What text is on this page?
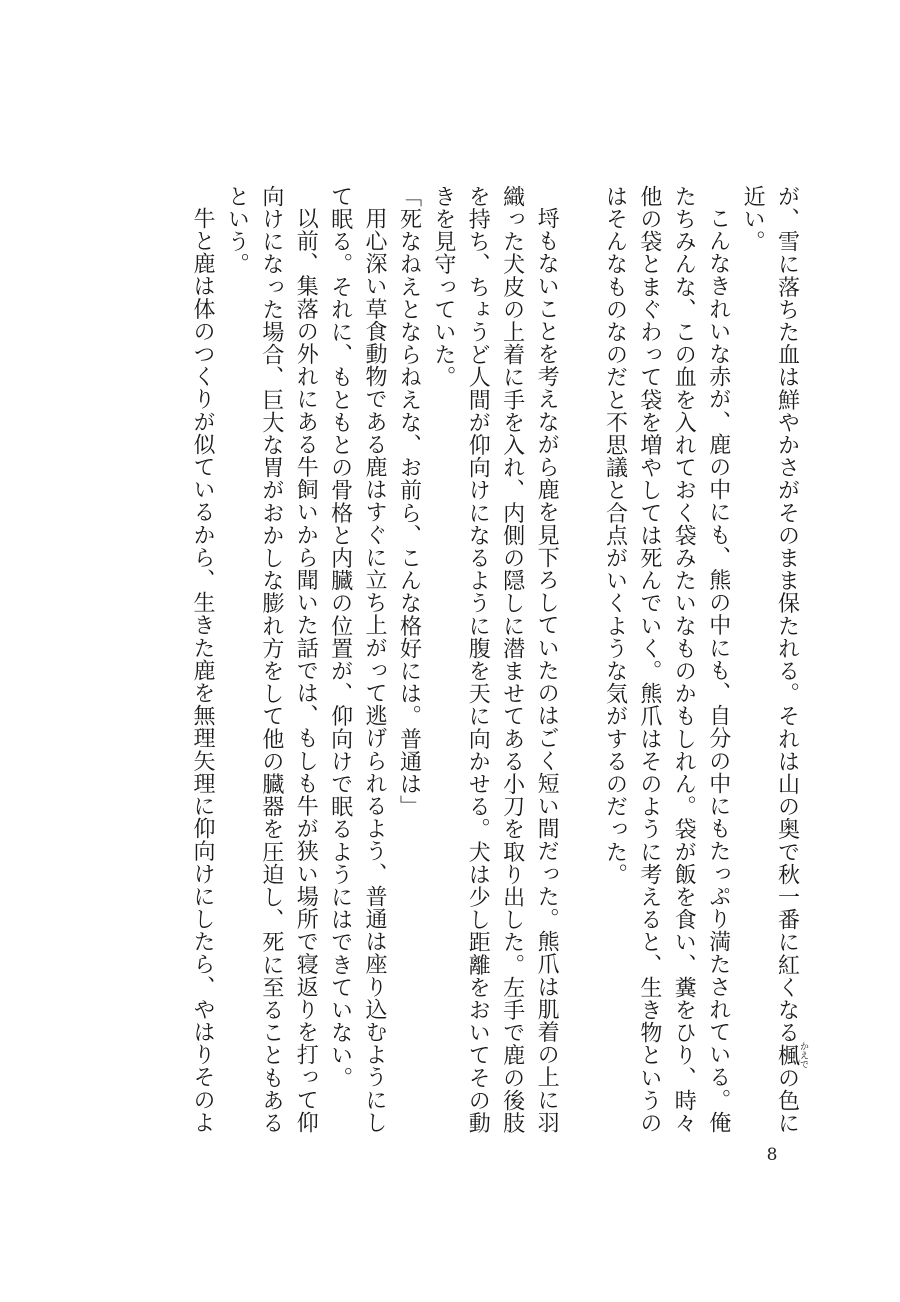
が、雪に落ちた血は鮮やかさがそのまま保たれる。それは山の奥で秋一番に紅くなる楓かえでの色に
近い。
こんなきれいな赤が、鹿の中にも、熊の中にも、自分の中にもたっぷり満たされている。俺
たちみんな、この血を入れておく袋みたいなものかもしれん。袋が飯を食い、糞をひり、時々
他の袋とまぐわって袋を増やしては死んでいく。熊爪はそのように考えると、生き物というの
はそんなものなのだと不思議と合点がいくような気がするのだった。
埒もないことを考えながら鹿を見下ろしていたのはごく短い間だった。熊爪は肌着の上に羽
織った犬皮の上着に手を入れ、内側の隠しに潜ませてある小刀を取り出した。左手で鹿の後肢
を持ち、ちょうど人間が仰向けになるように腹を天に向かせる。犬は少し距離をおいてその動
きを見守っていた。
「死なねえとならねえな、お前ら、こんな格好には。普通は」
用心深い草食動物である鹿はすぐに立ち上がって逃げられるよう、普通は座り込むようにし
て眠る。それに、もともとの骨格と内臓の位置が、仰向けで眠るようにはできていない。
以前、集落の外れにある牛飼いから聞いた話では、もしも牛が狭い場所で寝返りを打って仰
向けになった場合、巨大な胃がおかしな膨れ方をして他の臓器を圧迫し、死に至ることもある
という。
牛と鹿は体のつくりが似ているから、生きた鹿を無理矢理に仰向けにしたら、やはりそのよ
8
